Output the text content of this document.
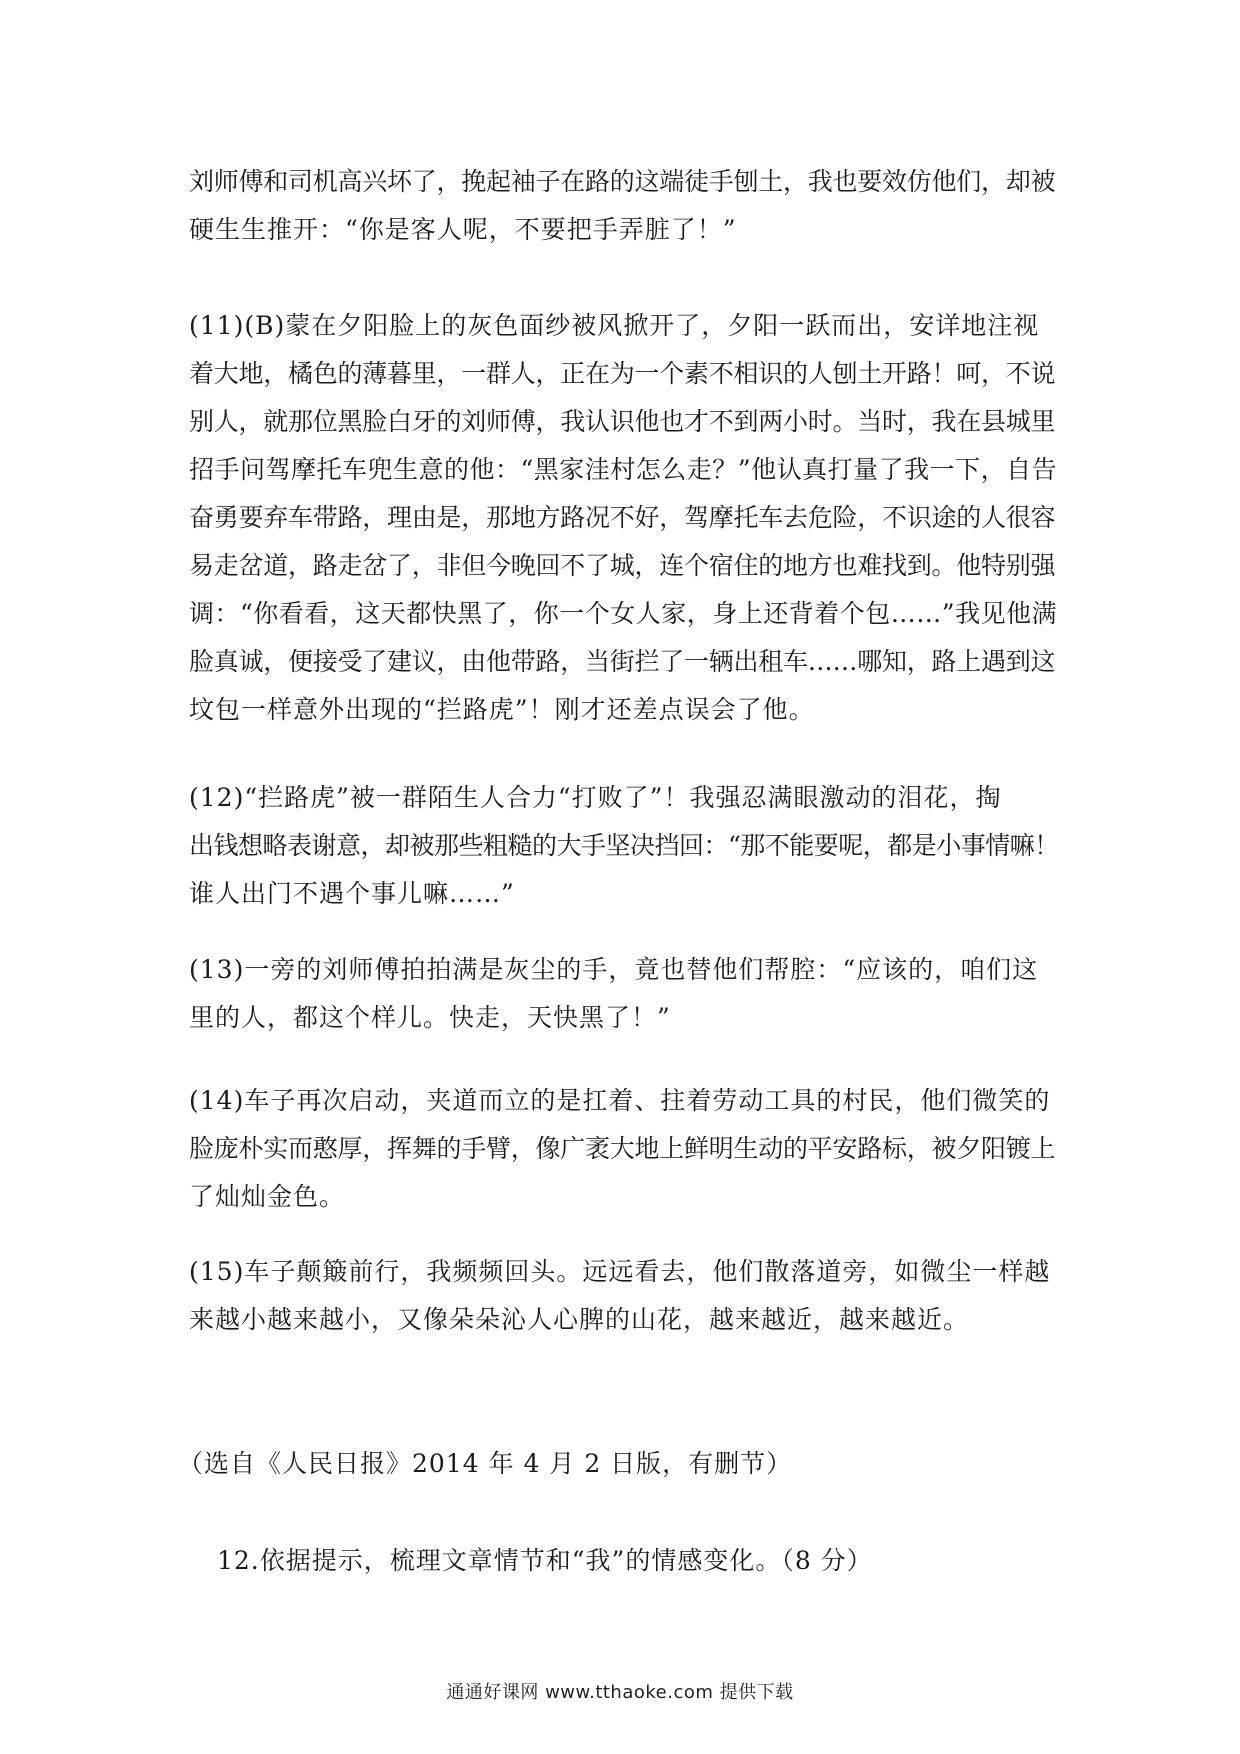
刘师傅和司机高兴坏了，挽起袖子在路的这端徒手刨土，我也要效仿他们，却被
硬生生推开：“你是客人呢，不要把手弄脏了！”
(11)(B)蒙在夕阳脸上的灰色面纱被风掀开了，夕阳一跃而出，安详地注视
着大地，橘色的薄暮里，一群人，正在为一个素不相识的人刨土开路！呵，不说
别人，就那位黑脸白牙的刘师傅，我认识他也才不到两小时。当时，我在县城里
招手问驾摩托车兜生意的他：“黑家洼村怎么走？”他认真打量了我一下，自告
奋勇要弃车带路，理由是，那地方路况不好，驾摩托车去危险，不识途的人很容
易走岔道，路走岔了，非但今晚回不了城，连个宿住的地方也难找到。他特别强
调：“你看看，这天都快黑了，你一个女人家，身上还背着个包……”我见他满
脸真诚，便接受了建议，由他带路，当街拦了一辆出租车……哪知，路上遇到这
坟包一样意外出现的“拦路虎”！刚才还差点误会了他。
(12)“拦路虎”被一群陌生人合力“打败了”！我强忍满眼激动的泪花，掏
出钱想略表谢意，却被那些粗糙的大手坚决挡回：“那不能要呢，都是小事情嘛！
谁人出门不遇个事儿嘛……”
(13)一旁的刘师傅拍拍满是灰尘的手，竟也替他们帮腔：“应该的，咱们这
里的人，都这个样儿。快走，天快黑了！”
(14)车子再次启动，夹道而立的是扛着、拄着劳动工具的村民，他们微笑的
脸庞朴实而憨厚，挥舞的手臂，像广袤大地上鲜明生动的平安路标，被夕阳镀上
了灿灿金色。
(15)车子颠簸前行，我频频回头。远远看去，他们散落道旁，如微尘一样越
来越小越来越小，又像朵朵沁人心脾的山花，越来越近，越来越近。
（选自《人民日报》2014 年 4 月 2 日版，有删节）
12.依据提示，梳理文章情节和“我”的情感变化。（8 分）
通通好课网 www.tthaoke.com 提供下载
